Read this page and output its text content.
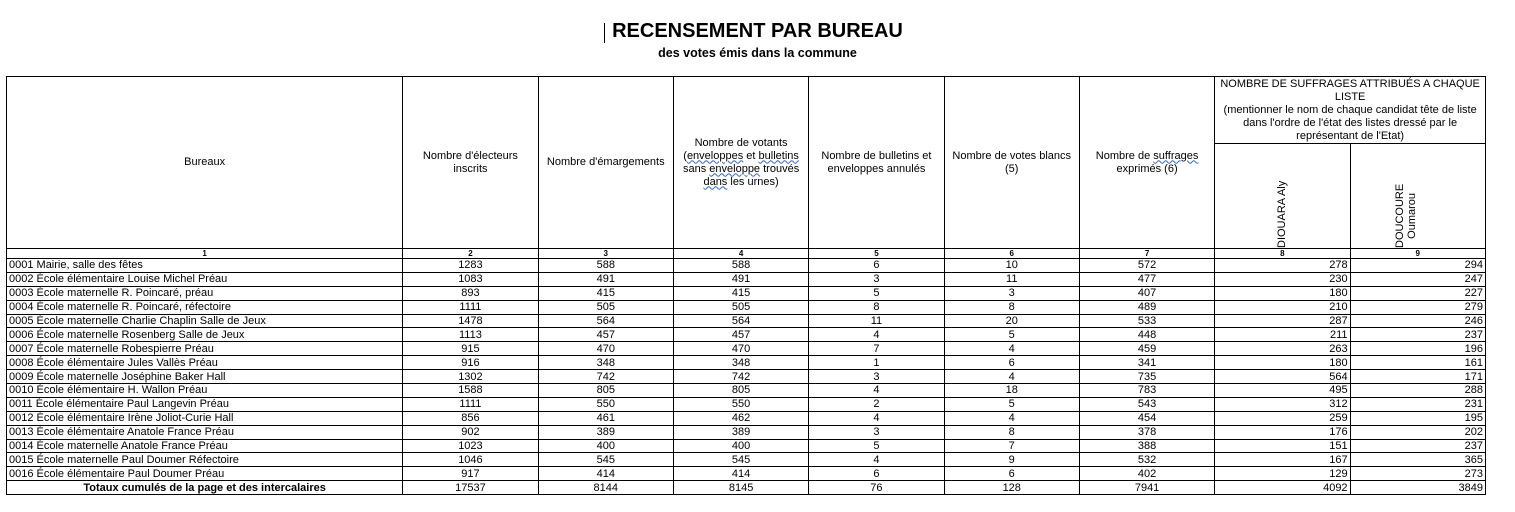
RECENSEMENT PAR BUREAU
des votes émis dans la commune
Bureaux	Nombre d'électeurs inscrits	Nombre d'émargements	Nombre de votants (enveloppes et bulletins sans enveloppe trouvés dans les urnes)	Nombre de bulletins et enveloppes annulés	Nombre de votes blancs (5)	Nombre de suffrages exprimés (6)	NOMBRE DE SUFFRAGES ATTRIBUÉS A CHAQUE LISTE
(mentionner le nom de chaque candidat tête de liste dans l'ordre de l'état des listes dressé par le représentant de l'Etat)	

							DIOUARA Aly	DOUCOURE Oumarou

1	2	3	4	5	6	7	8	9
0001 Mairie, salle des fêtes	1283	588	588	6	10	572	278	294
0002 École élémentaire Louise Michel Préau	1083	491	491	3	11	477	230	247
0003 École maternelle R. Poincaré, préau	893	415	415	5	3	407	180	227
0004 École maternelle R. Poincaré, réfectoire	1111	505	505	8	8	489	210	279
0005 École maternelle Charlie Chaplin Salle de Jeux	1478	564	564	11	20	533	287	246
0006 École maternelle Rosenberg Salle de Jeux	1113	457	457	4	5	448	211	237
0007 École maternelle Robespierre Préau	915	470	470	7	4	459	263	196
0008 École élémentaire Jules Vallès Préau	916	348	348	1	6	341	180	161
0009 École maternelle Joséphine Baker Hall	1302	742	742	3	4	735	564	171
0010 École élémentaire H. Wallon Préau	1588	805	805	4	18	783	495	288
0011 École élémentaire Paul Langevin Préau	1111	550	550	2	5	543	312	231
0012 École élémentaire Irène Joliot-Curie Hall	856	461	462	4	4	454	259	195
0013 École élémentaire Anatole France Préau	902	389	389	3	8	378	176	202
0014 École maternelle Anatole France Préau	1023	400	400	5	7	388	151	237
0015 École maternelle Paul Doumer Réfectoire	1046	545	545	4	9	532	167	365
0016 École élémentaire Paul Doumer Préau	917	414	414	6	6	402	129	273
Totaux cumulés de la page et des intercalaires	17537	8144	8145	76	128	7941	4092	3849
